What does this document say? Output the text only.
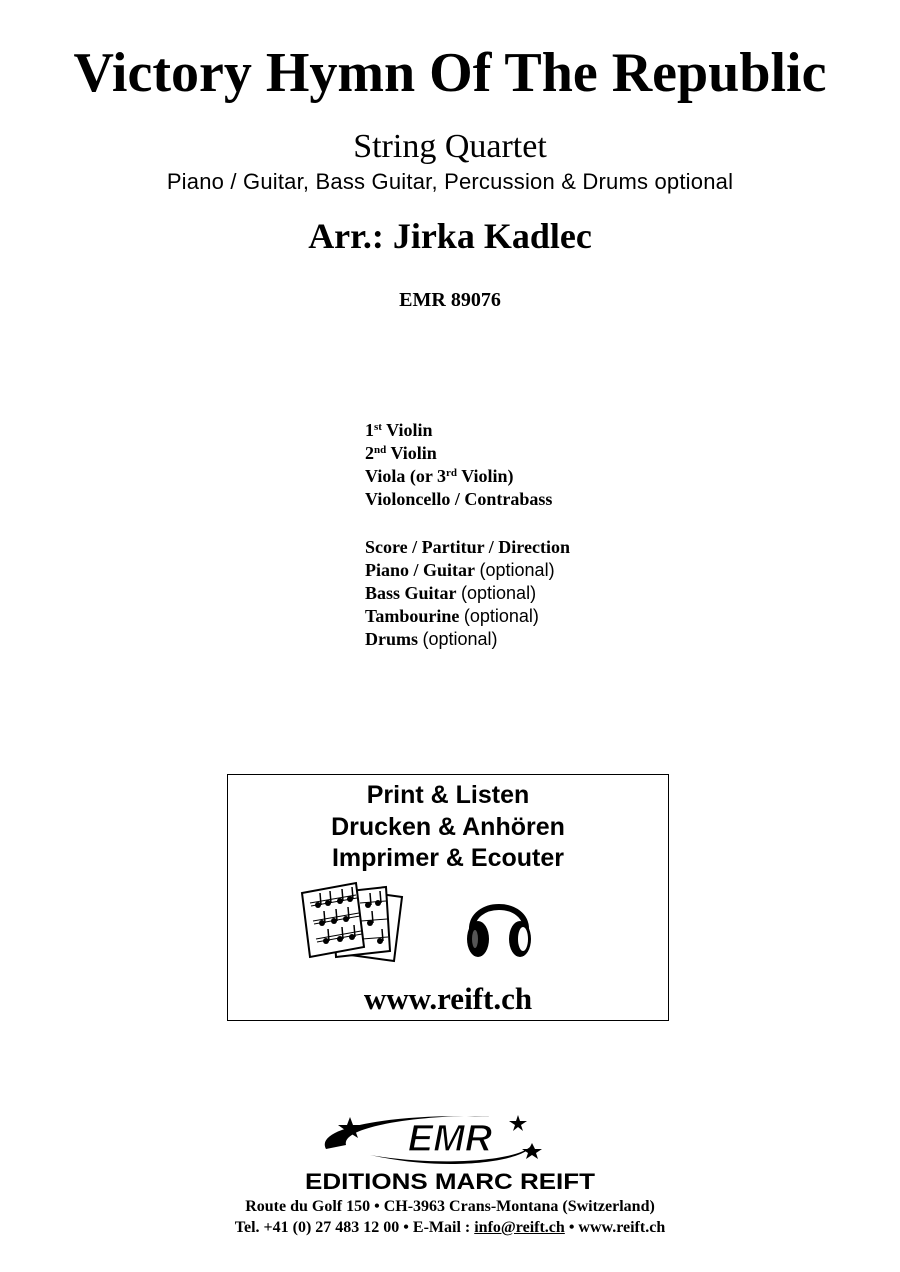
Victory Hymn Of The Republic
String Quartet
Piano / Guitar, Bass Guitar, Percussion & Drums optional
Arr.: Jirka Kadlec
EMR 89076
1st Violin
2nd Violin
Viola (or 3rd Violin)
Violoncello / Contrabass
Score / Partitur / Direction
Piano / Guitar (optional)
Bass Guitar (optional)
Tambourine (optional)
Drums (optional)
Print & Listen
Drucken & Anhören
Imprimer & Ecouter
www.reift.ch
EMR
EDITIONS MARC REIFT
Route du Golf 150 • CH-3963 Crans-Montana (Switzerland)
Tel. +41 (0) 27 483 12 00 • E-Mail : info@reift.ch • www.reift.ch
